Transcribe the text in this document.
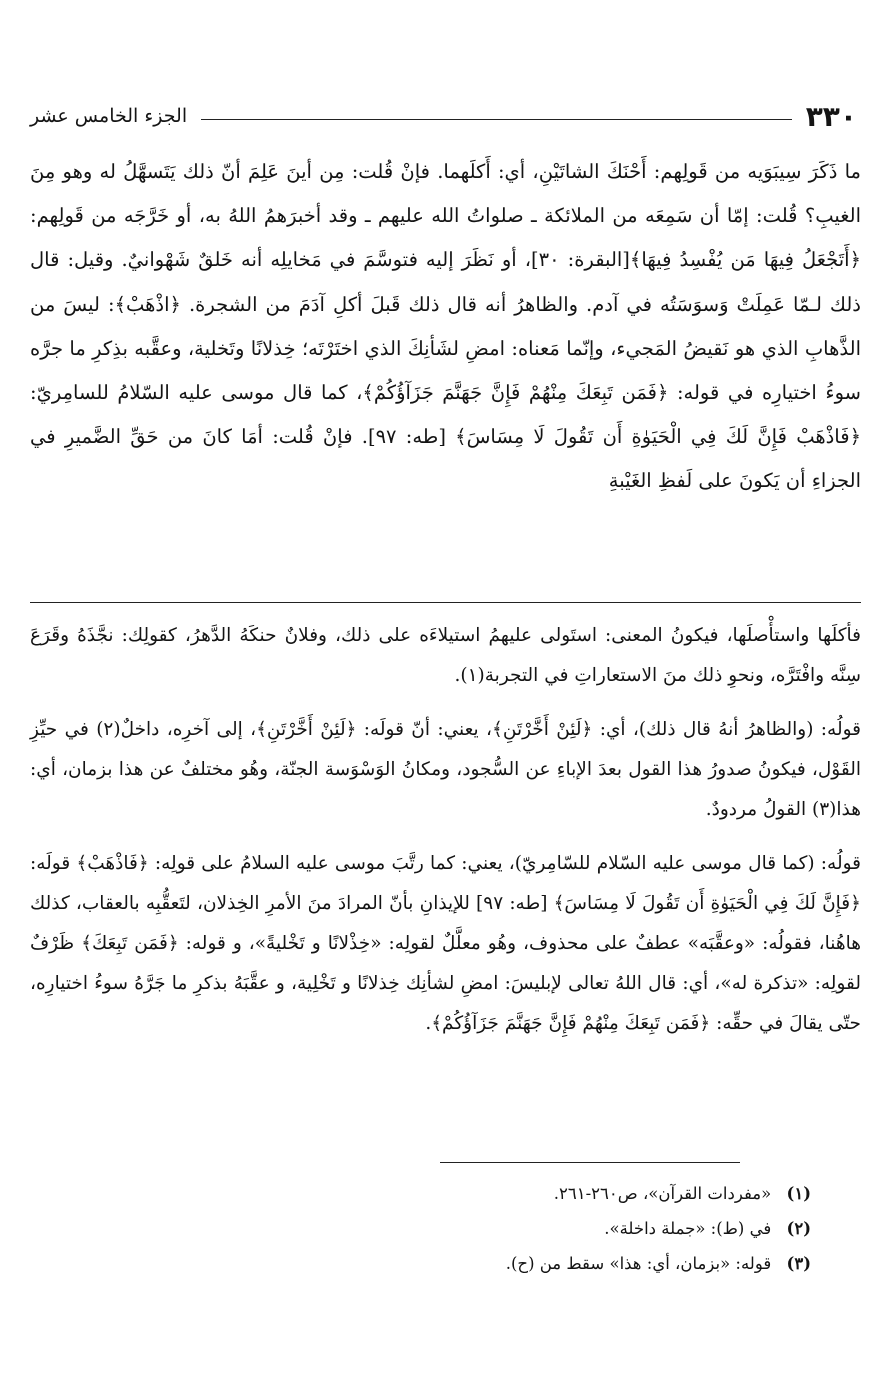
٣٣٠
الجزء الخامس عشر

ما ذَكَرَ سِيبَوَيه من قَولِهم: أَحْنَكَ الشاتَيْنِ، أي: أَكلَهما. فإنْ قُلت: مِن أينَ عَلِمَ أنّ ذلك يَتَسهَّلُ له وهو مِنَ الغيبِ؟ قُلت: إمّا أن سَمِعَه من الملائكة ـ صلواتُ الله عليهم ـ وقد أخبرَهمُ اللهُ به، أو خَرَّجَه من قَولِهم: ﴿أَتَجْعَلُ فِيهَا مَن يُفْسِدُ فِيهَا﴾[البقرة: ٣٠]، أو نَظَرَ إليه فتوسَّمَ في مَخايلِه أنه خَلقٌ شَهْوانيٌ. وقيل: قال ذلك لـمّا عَمِلَتْ وَسوَسَتُه في آدم. والظاهرُ أنه قال ذلك قَبلَ أكلِ آدَمَ من الشجرة. ﴿اذْهَبْ﴾: ليسَ من الذَّهابِ الذي هو نَقيضُ المَجيء، وإنّما مَعناه: امضِ لشَأنِكَ الذي اختَرْتَه؛ خِذلانًا وتَخلية، وعقَّبه بذِكرِ ما جرَّه سوءُ اختيارِه في قوله: ﴿فَمَن تَبِعَكَ مِنْهُمْ فَإِنَّ جَهَنَّمَ جَزَآؤُكُمْ﴾، كما قال موسى عليه السّلامُ للسامِريّ: ﴿فَاذْهَبْ فَإِنَّ لَكَ فِي الْحَيَوٰةِ أَن تَقُولَ لَا مِسَاسَ﴾ [طه: ٩٧]. فإنْ قُلت: أمَا كانَ من حَقِّ الضَّميرِ في الجزاءِ أن يَكونَ على لَفظِ الغَيْبةِ

فأكلَها واستأْصلَها، فيكونُ المعنى: استَولى عليهمُ استيلاءَه على ذلك، وفلانٌ حنكَهُ الدَّهرُ، كقولِك: نجَّذَهُ وقَرَعَ سِنَّه وافْتَرَّه، ونحوِ ذلك منَ الاستعاراتِ في التجربة(١).

قولُه: (والظاهرُ أنهُ قال ذلك)، أي: ﴿لَئِنْ أَخَّرْتَنِ﴾، يعني: أنّ قولَه: ﴿لَئِنْ أَخَّرْتَنِ﴾، إلى آخرِه، داخلٌ(٢) في حيِّزِ القَوْل، فيكونُ صدورُ هذا القول بعدَ الإباءِ عن السُّجود، ومكانُ الوَسْوَسة الجنّة، وهُو مختلفٌ عن هذا بزمان، أي: هذا(٣) القولُ مردودٌ.

قولُه: (كما قال موسى عليه السّلام للسّامِريّ)، يعني: كما رتَّبَ موسى عليه السلامُ على قولِه: ﴿فَاذْهَبْ﴾ قولَه: ﴿فَإِنَّ لَكَ فِي الْحَيَوٰةِ أَن تَقُولَ لَا مِسَاسَ﴾ [طه: ٩٧] للإيذانِ بأنّ المرادَ منَ الأمرِ الخِذلان، لتَعقُّبِه بالعقاب، كذلك هاهُنا، فقولُه: «وعقَّبَه» عطفٌ على محذوف، وهُو معلَّلٌ لقولِه: «خِذْلانًا و تَخْليةً»، و قوله: ﴿فَمَن تَبِعَكَ﴾ ظَرْفٌ لقولِه: «تذكرة له»، أي: قال اللهُ تعالى لإبليسَ: امضِ لشأنِك خِذلانًا و تَخْلِية، و عقَّبَهُ بذكرِ ما جَرَّهُ سوءُ اختيارِه، حتّى يقالَ في حقِّه: ﴿فَمَن تَبِعَكَ مِنْهُمْ فَإِنَّ جَهَنَّمَ جَزَآؤُكُمْ﴾.

(١) «مفردات القرآن»، ص٢٦٠-٢٦١.
(٢) في (ط): «جملة داخلة».
(٣) قوله: «بزمان، أي: هذا» سقط من (ح).
